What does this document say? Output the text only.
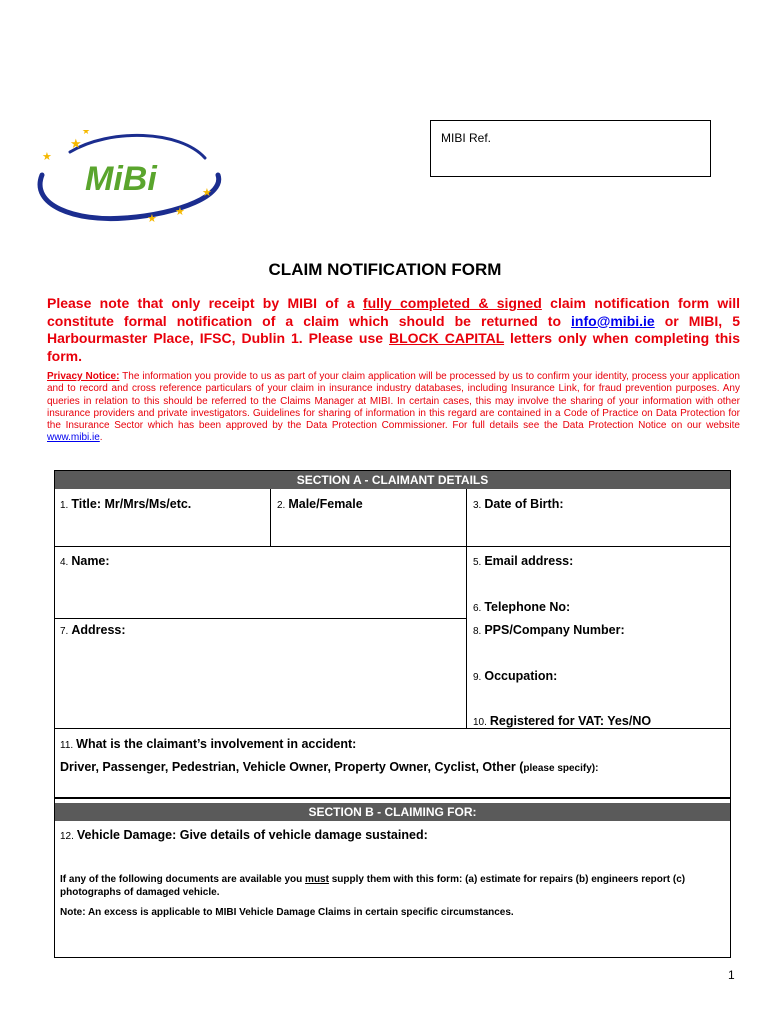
MiBi
★
★
★
★
★
★
MIBI Ref.
CLAIM NOTIFICATION FORM
Please note that only receipt by MIBI of a fully completed & signed claim notification form will constitute formal notification of a claim which should be returned to info@mibi.ie or MIBI, 5 Harbourmaster Place, IFSC, Dublin 1. Please use BLOCK CAPITAL letters only when completing this form.
Privacy Notice: The information you provide to us as part of your claim application will be processed by us to confirm your identity, process your application and to record and cross reference particulars of your claim in insurance industry databases, including Insurance Link, for fraud prevention purposes. Any queries in relation to this should be referred to the Claims Manager at MIBI. In certain cases, this may involve the sharing of your information with other insurance providers and private investigators. Guidelines for sharing of information in this regard are contained in a Code of Practice on Data Protection for the Insurance Sector which has been approved by the Data Protection Commissioner. For full details see the Data Protection Notice on our website www.mibi.ie.
SECTION A - CLAIMANT DETAILS
1. Title: Mr/Mrs/Ms/etc.	2. Male/Female	3. Date of Birth:
4. Name:	5. Email address:
6. Telephone No:
7. Address:	8. PPS/Company Number:
9. Occupation:
10. Registered for VAT: Yes/NO
11. What is the claimant’s involvement in accident:
Driver, Passenger, Pedestrian, Vehicle Owner, Property Owner, Cyclist, Other (please specify):
SECTION B - CLAIMING FOR:
12. Vehicle Damage: Give details of vehicle damage sustained:
If any of the following documents are available you must supply them with this form: (a) estimate for repairs (b) engineers report (c) photographs of damaged vehicle.
Note: An excess is applicable to MIBI Vehicle Damage Claims in certain specific circumstances.
1
